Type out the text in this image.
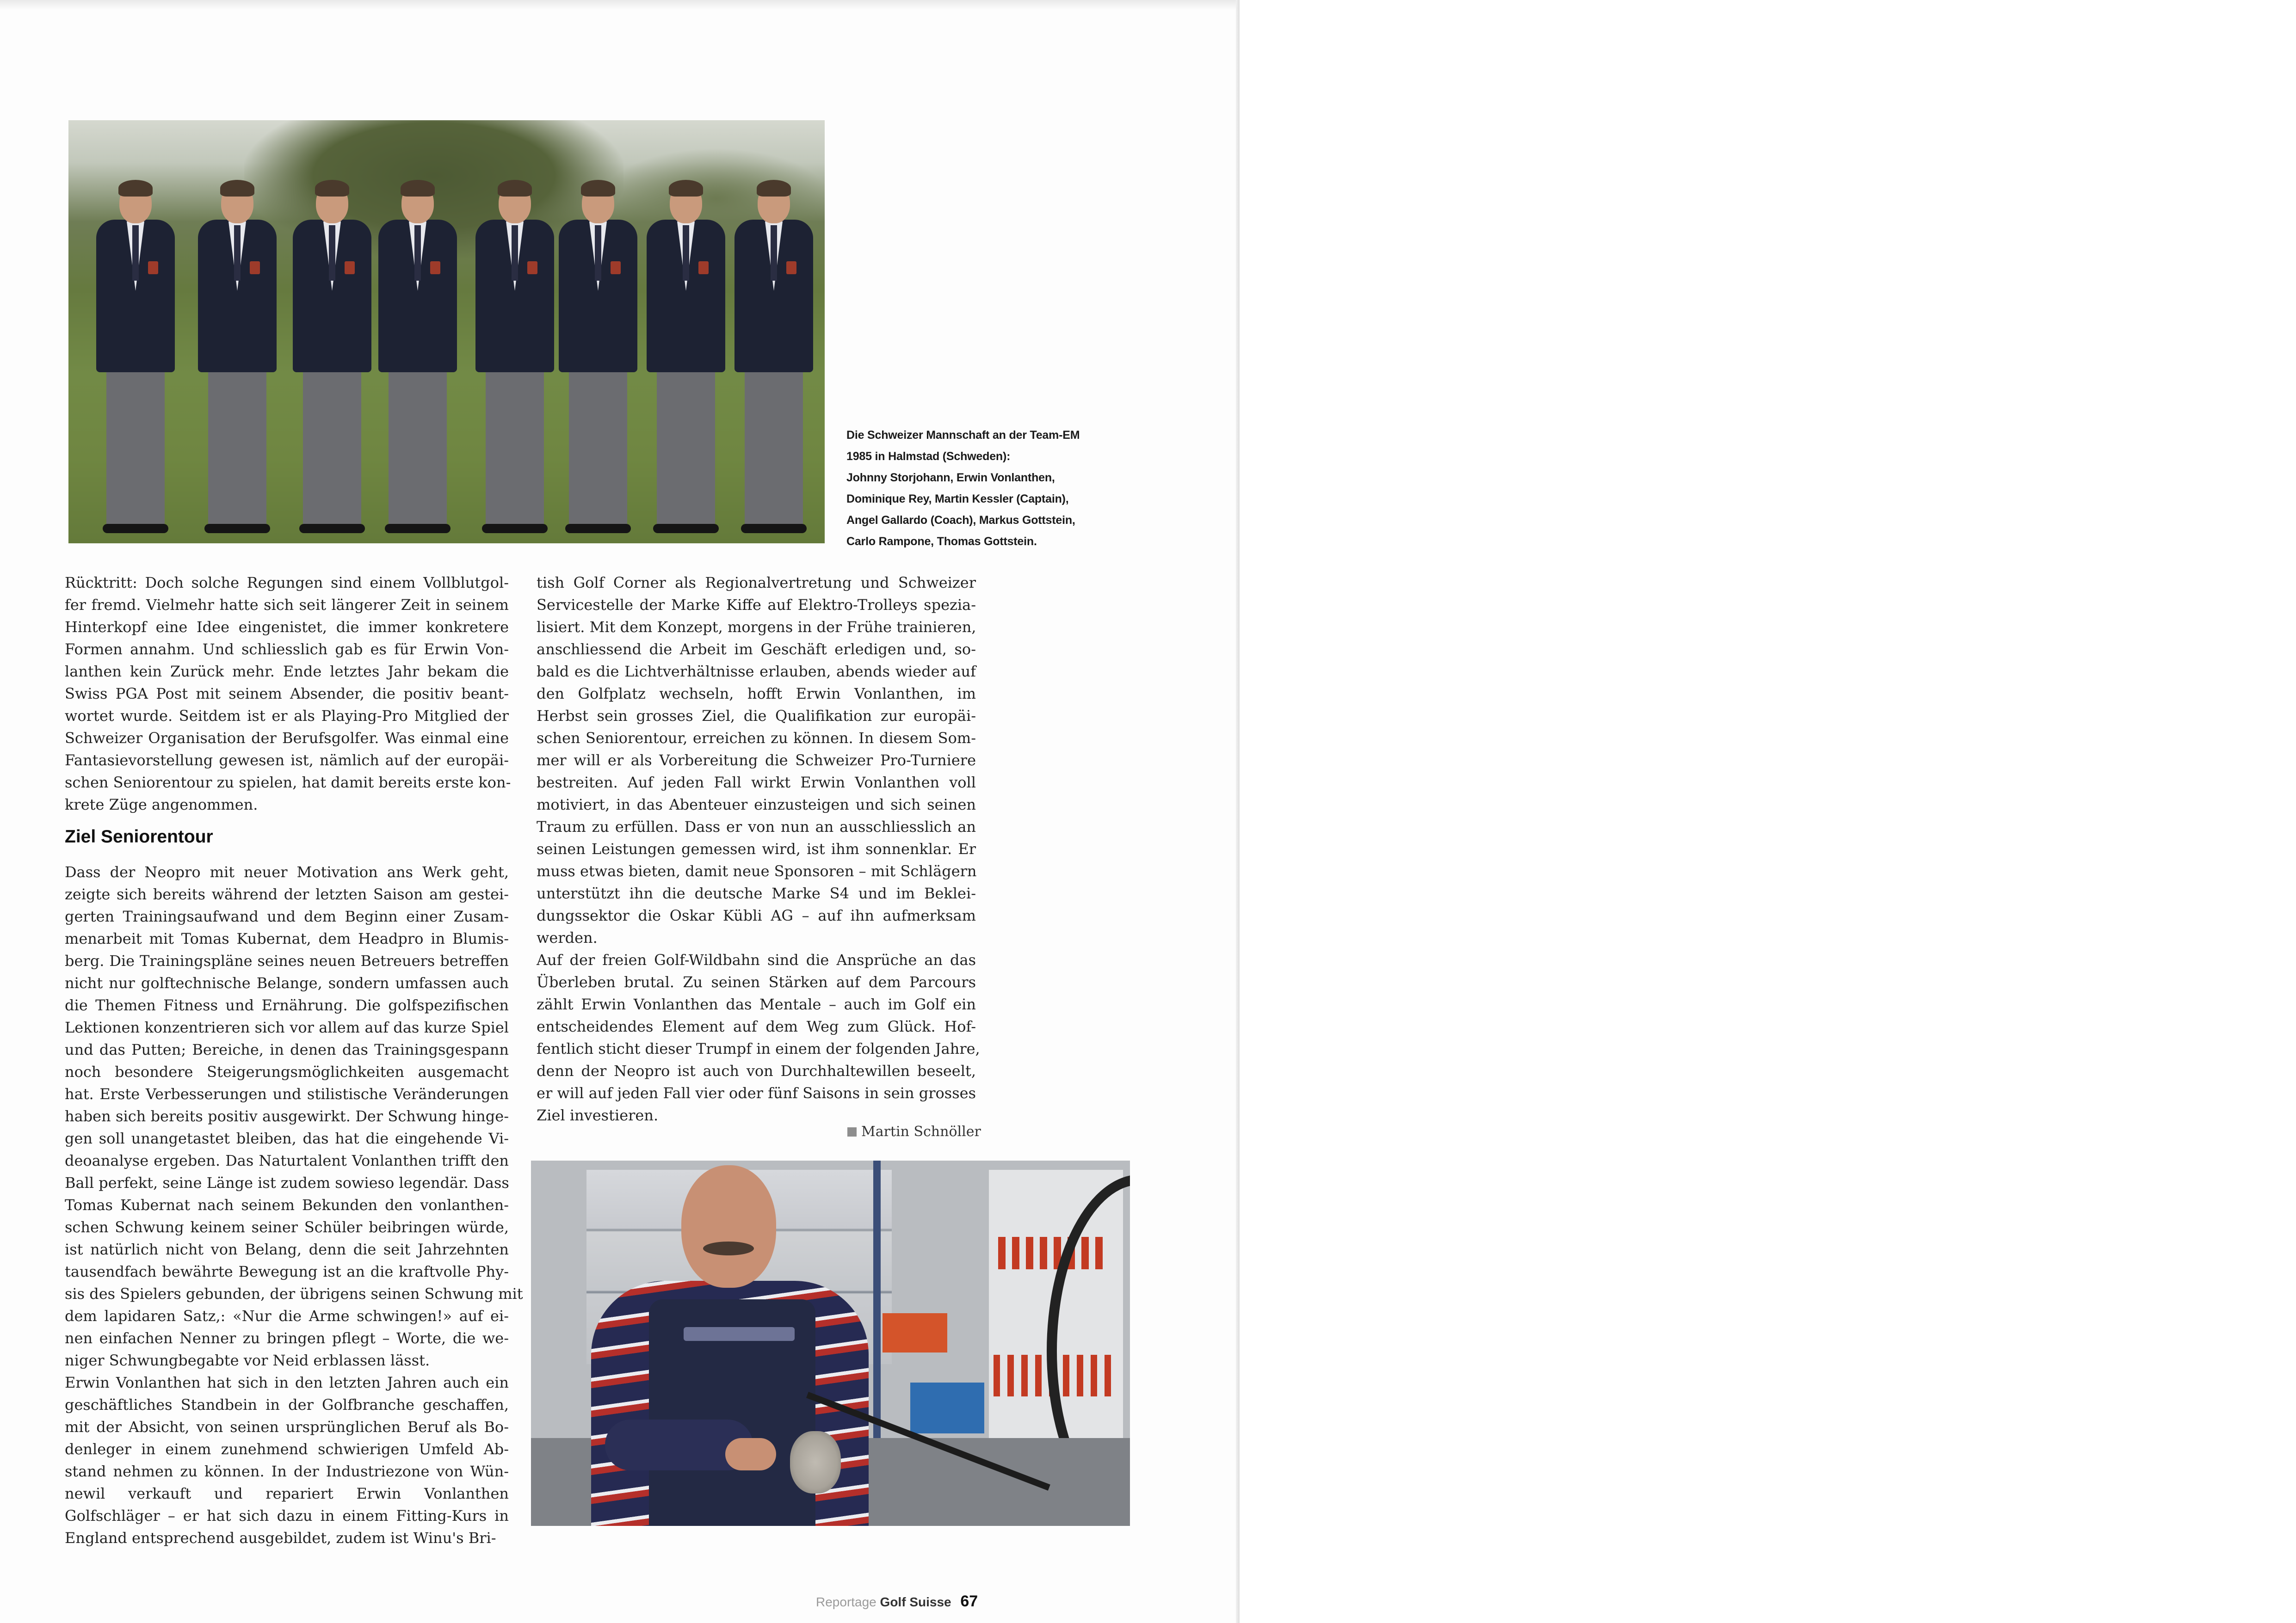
Die Schweizer Mannschaft an der Team-EM
1985 in Halmstad (Schweden):
Johnny Storjohann, Erwin Vonlanthen,
Dominique Rey, Martin Kessler (Captain),
Angel Gallardo (Coach), Markus Gottstein,
Carlo Rampone, Thomas Gottstein.
Rücktritt: Doch solche Regungen sind einem Vollblutgol-
fer fremd. Vielmehr hatte sich seit längerer Zeit in seinem
Hinterkopf eine Idee eingenistet, die immer konkretere
Formen annahm. Und schliesslich gab es für Erwin Von-
lanthen kein Zurück mehr. Ende letztes Jahr bekam die
Swiss PGA Post mit seinem Absender, die positiv beant-
wortet wurde. Seitdem ist er als Playing-Pro Mitglied der
Schweizer Organisation der Berufsgolfer. Was einmal eine
Fantasievorstellung gewesen ist, nämlich auf der europäi-
schen Seniorentour zu spielen, hat damit bereits erste kon-
krete Züge angenommen.
Ziel Seniorentour
Dass der Neopro mit neuer Motivation ans Werk geht,
zeigte sich bereits während der letzten Saison am gestei-
gerten Trainingsaufwand und dem Beginn einer Zusam-
menarbeit mit Tomas Kubernat, dem Headpro in Blumis-
berg. Die Trainingspläne seines neuen Betreuers betreffen
nicht nur golftechnische Belange, sondern umfassen auch
die Themen Fitness und Ernährung. Die golfspezifischen
Lektionen konzentrieren sich vor allem auf das kurze Spiel
und das Putten; Bereiche, in denen das Trainingsgespann
noch besondere Steigerungsmöglichkeiten ausgemacht
hat. Erste Verbesserungen und stilistische Veränderungen
haben sich bereits positiv ausgewirkt. Der Schwung hinge-
gen soll unangetastet bleiben, das hat die eingehende Vi-
deoanalyse ergeben. Das Naturtalent Vonlanthen trifft den
Ball perfekt, seine Länge ist zudem sowieso legendär. Dass
Tomas Kubernat nach seinem Bekunden den vonlanthen-
schen Schwung keinem seiner Schüler beibringen würde,
ist natürlich nicht von Belang, denn die seit Jahrzehnten
tausendfach bewährte Bewegung ist an die kraftvolle Phy-
sis des Spielers gebunden, der übrigens seinen Schwung mit
dem lapidaren Satz,: «Nur die Arme schwingen!» auf ei-
nen einfachen Nenner zu bringen pflegt – Worte, die we-
niger Schwungbegabte vor Neid erblassen lässt.
Erwin Vonlanthen hat sich in den letzten Jahren auch ein
geschäftliches Standbein in der Golfbranche geschaffen,
mit der Absicht, von seinen ursprünglichen Beruf als Bo-
denleger in einem zunehmend schwierigen Umfeld Ab-
stand nehmen zu können. In der Industriezone von Wün-
newil verkauft und repariert Erwin Vonlanthen
Golfschläger – er hat sich dazu in einem Fitting-Kurs in
England entsprechend ausgebildet, zudem ist Winu's Bri-
tish Golf Corner als Regionalvertretung und Schweizer
Servicestelle der Marke Kiffe auf Elektro-Trolleys spezia-
lisiert. Mit dem Konzept, morgens in der Frühe trainieren,
anschliessend die Arbeit im Geschäft erledigen und, so-
bald es die Lichtverhältnisse erlauben, abends wieder auf
den Golfplatz wechseln, hofft Erwin Vonlanthen, im
Herbst sein grosses Ziel, die Qualifikation zur europäi-
schen Seniorentour, erreichen zu können. In diesem Som-
mer will er als Vorbereitung die Schweizer Pro-Turniere
bestreiten. Auf jeden Fall wirkt Erwin Vonlanthen voll
motiviert, in das Abenteuer einzusteigen und sich seinen
Traum zu erfüllen. Dass er von nun an ausschliesslich an
seinen Leistungen gemessen wird, ist ihm sonnenklar. Er
muss etwas bieten, damit neue Sponsoren – mit Schlägern
unterstützt ihn die deutsche Marke S4 und im Beklei-
dungssektor die Oskar Kübli AG – auf ihn aufmerksam
werden.
Auf der freien Golf-Wildbahn sind die Ansprüche an das
Überleben brutal. Zu seinen Stärken auf dem Parcours
zählt Erwin Vonlanthen das Mentale – auch im Golf ein
entscheidendes Element auf dem Weg zum Glück. Hof-
fentlich sticht dieser Trumpf in einem der folgenden Jahre,
denn der Neopro ist auch von Durchhaltewillen beseelt,
er will auf jeden Fall vier oder fünf Saisons in sein grosses
Ziel investieren.
Martin Schnöller
Reportage Golf Suisse 67
